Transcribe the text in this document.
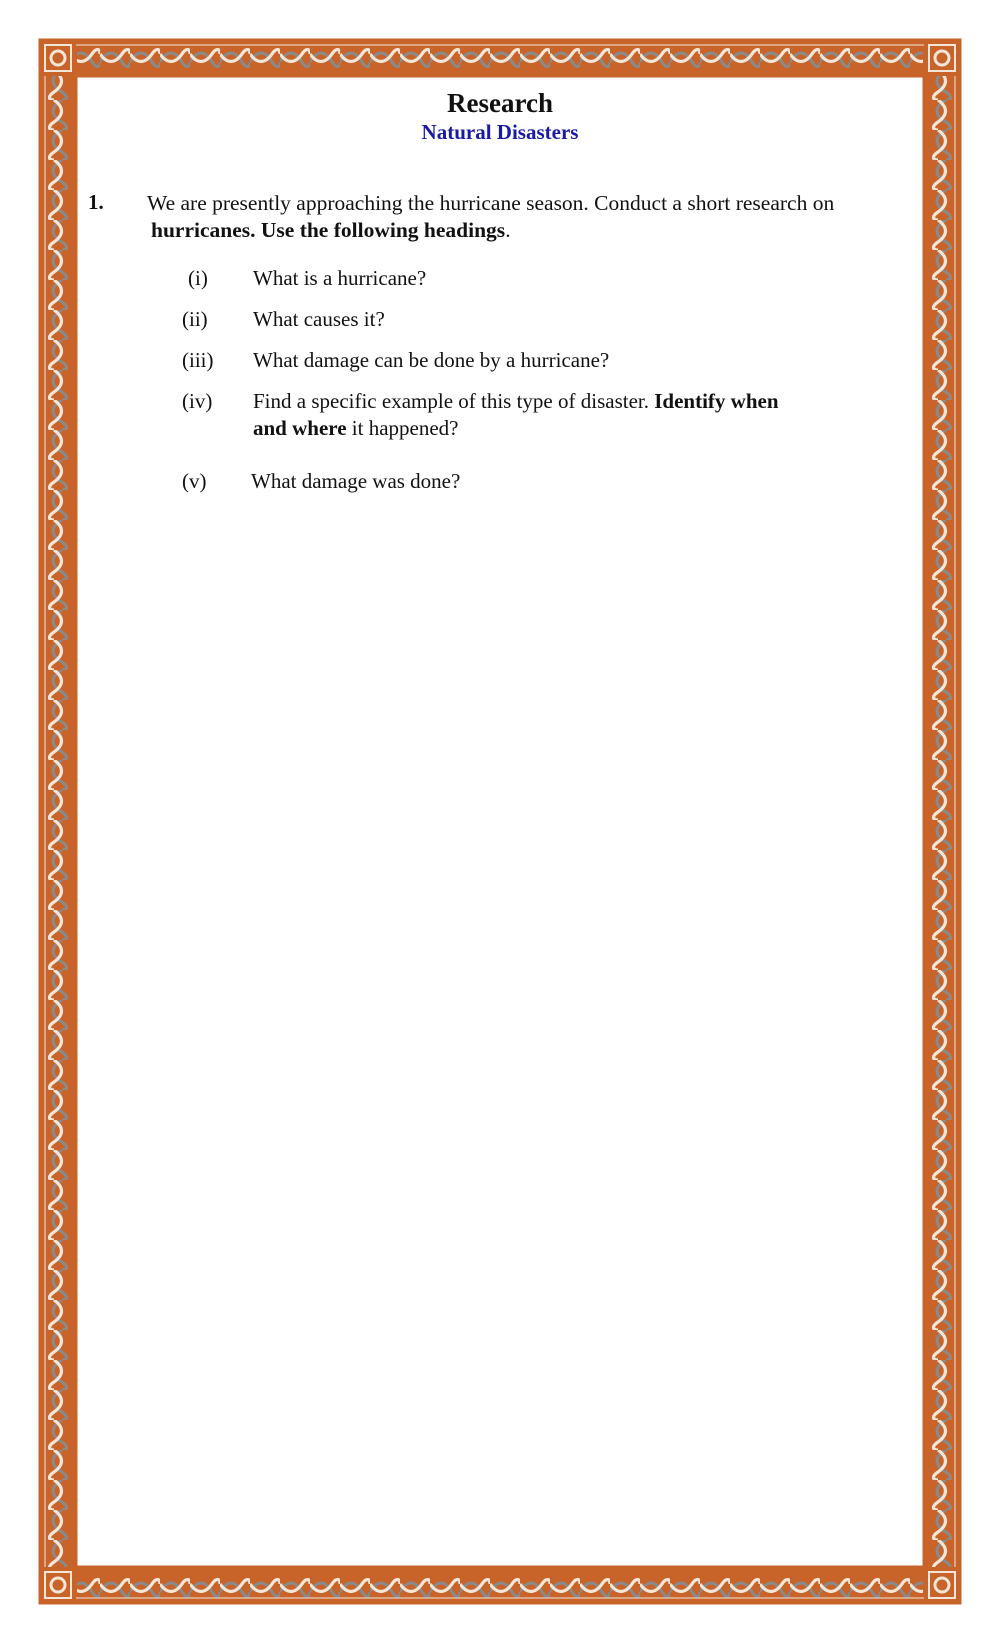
Research
Natural Disasters
1. We are presently approaching the hurricane season. Conduct a short research on
hurricanes. Use the following headings.
(i)	What is a hurricane?
(ii)	What causes it?
(iii)	What damage can be done by a hurricane?
(iv)	Find a specific example of this type of disaster. Identify when
and where it happened?
(v)	What damage was done?
